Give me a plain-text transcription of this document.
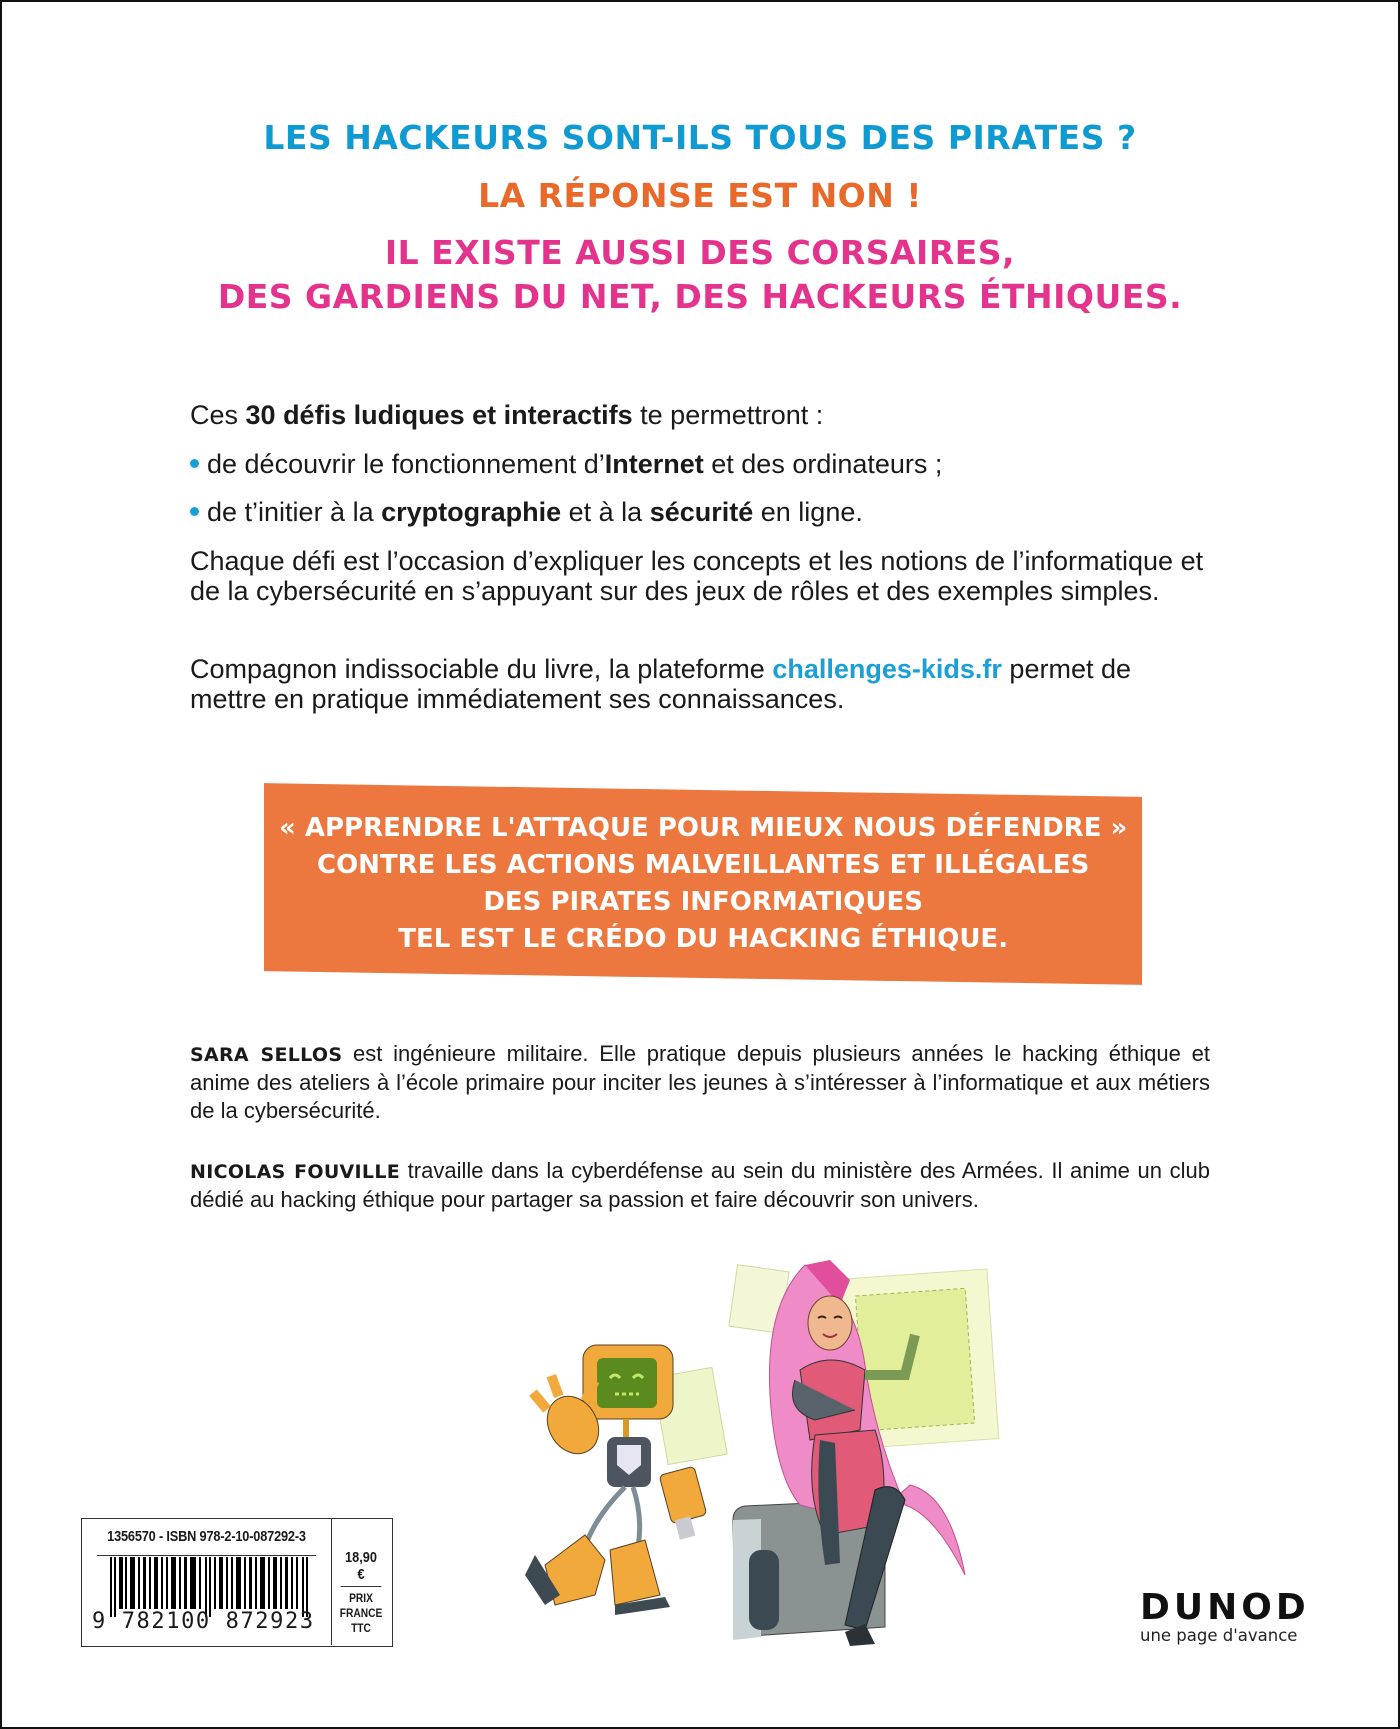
LES HACKEURS SONT-ILS TOUS DES PIRATES ?
LA RÉPONSE EST NON !
IL EXISTE AUSSI DES CORSAIRES,
DES GARDIENS DU NET, DES HACKEURS ÉTHIQUES.
Ces 30 défis ludiques et interactifs te permettront :
de découvrir le fonctionnement d’Internet et des ordinateurs ;
de t’initier à la cryptographie et à la sécurité en ligne.
Chaque défi est l’occasion d’expliquer les concepts et les notions de l’informatique et de la cybersécurité en s’appuyant sur des jeux de rôles et des exemples simples.
Compagnon indissociable du livre, la plateforme challenges-kids.fr permet de mettre en pratique immédiatement ses connaissances.
« APPRENDRE L'ATTAQUE POUR MIEUX NOUS DÉFENDRE »
CONTRE LES ACTIONS MALVEILLANTES ET ILLÉGALES
DES PIRATES INFORMATIQUES
TEL EST LE CRÉDO DU HACKING ÉTHIQUE.
SARA SELLOS est ingénieure militaire. Elle pratique depuis plusieurs années le hacking éthique et anime des ateliers à l’école primaire pour inciter les jeunes à s’intéresser à l’informatique et aux métiers de la cybersécurité.
NICOLAS FOUVILLE travaille dans la cyberdéfense au sein du ministère des Armées. Il anime un club dédié au hacking éthique pour partager sa passion et faire découvrir son univers.
1356570 - ISBN 978-2-10-087292-3
9 782100 872923
18,90 €
PRIX
FRANCE
TTC	DUNOD
une page d'avance
